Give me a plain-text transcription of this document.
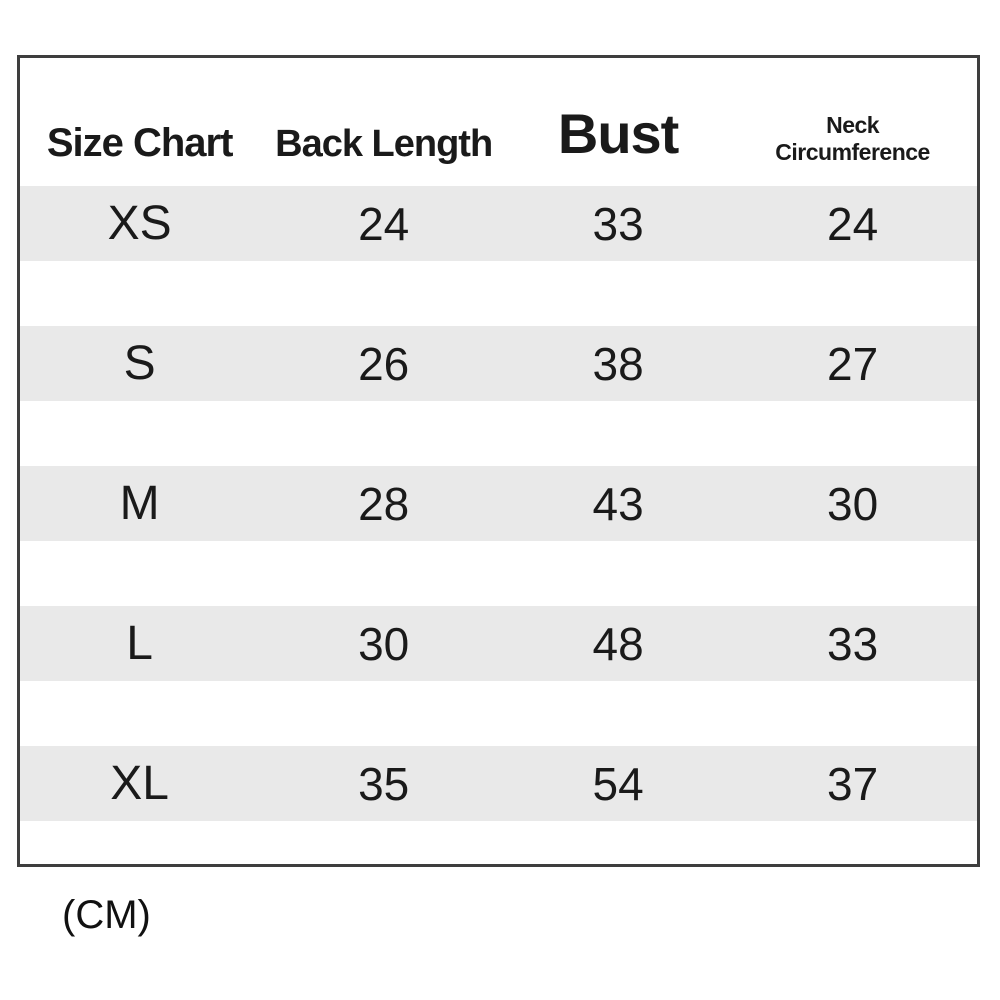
Size Chart	Back Length	Bust	Neck
Circumference
XS	24	33	24
S	26	38	27
M	28	43	30
L	30	48	33
XL	35	54	37
(CM)
